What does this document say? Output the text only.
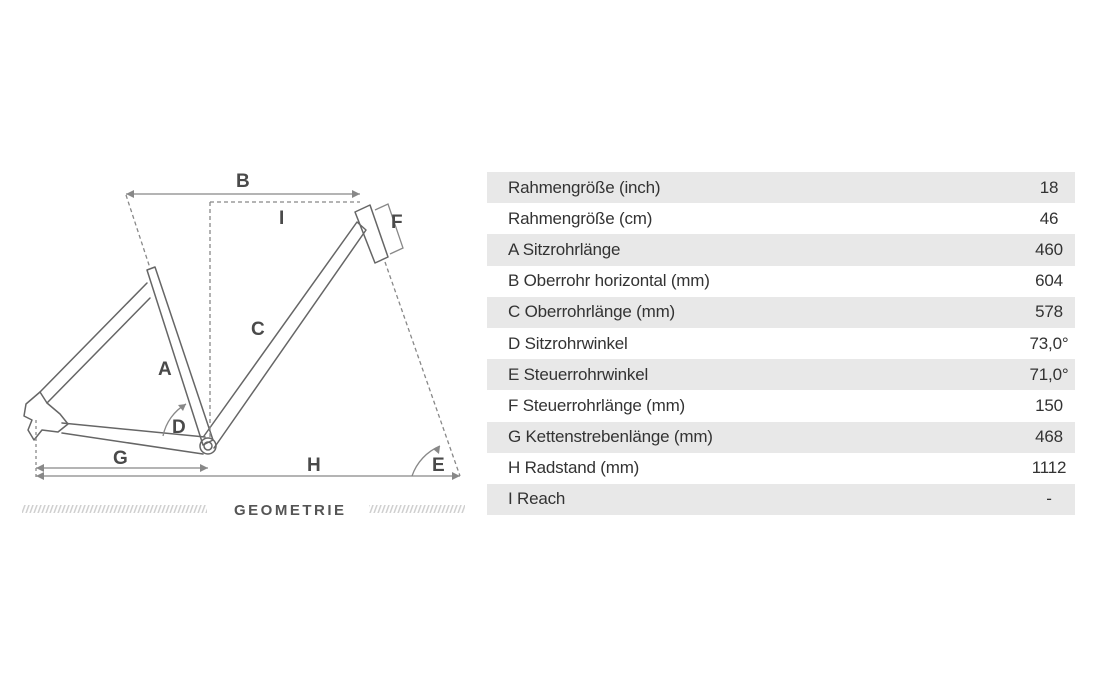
B
I	F
C
A
D
G	H	E
GEOMETRIE
Rahmengröße (inch)	18
Rahmengröße (cm)	46
A Sitzrohrlänge	460
B Oberrohr horizontal (mm)	604
C Oberrohrlänge (mm)	578
D Sitzrohrwinkel	73,0°
E Steuerrohrwinkel	71,0°
F Steuerrohrlänge (mm)	150
G Kettenstrebenlänge (mm)	468
H Radstand (mm)	1112
I Reach	-
